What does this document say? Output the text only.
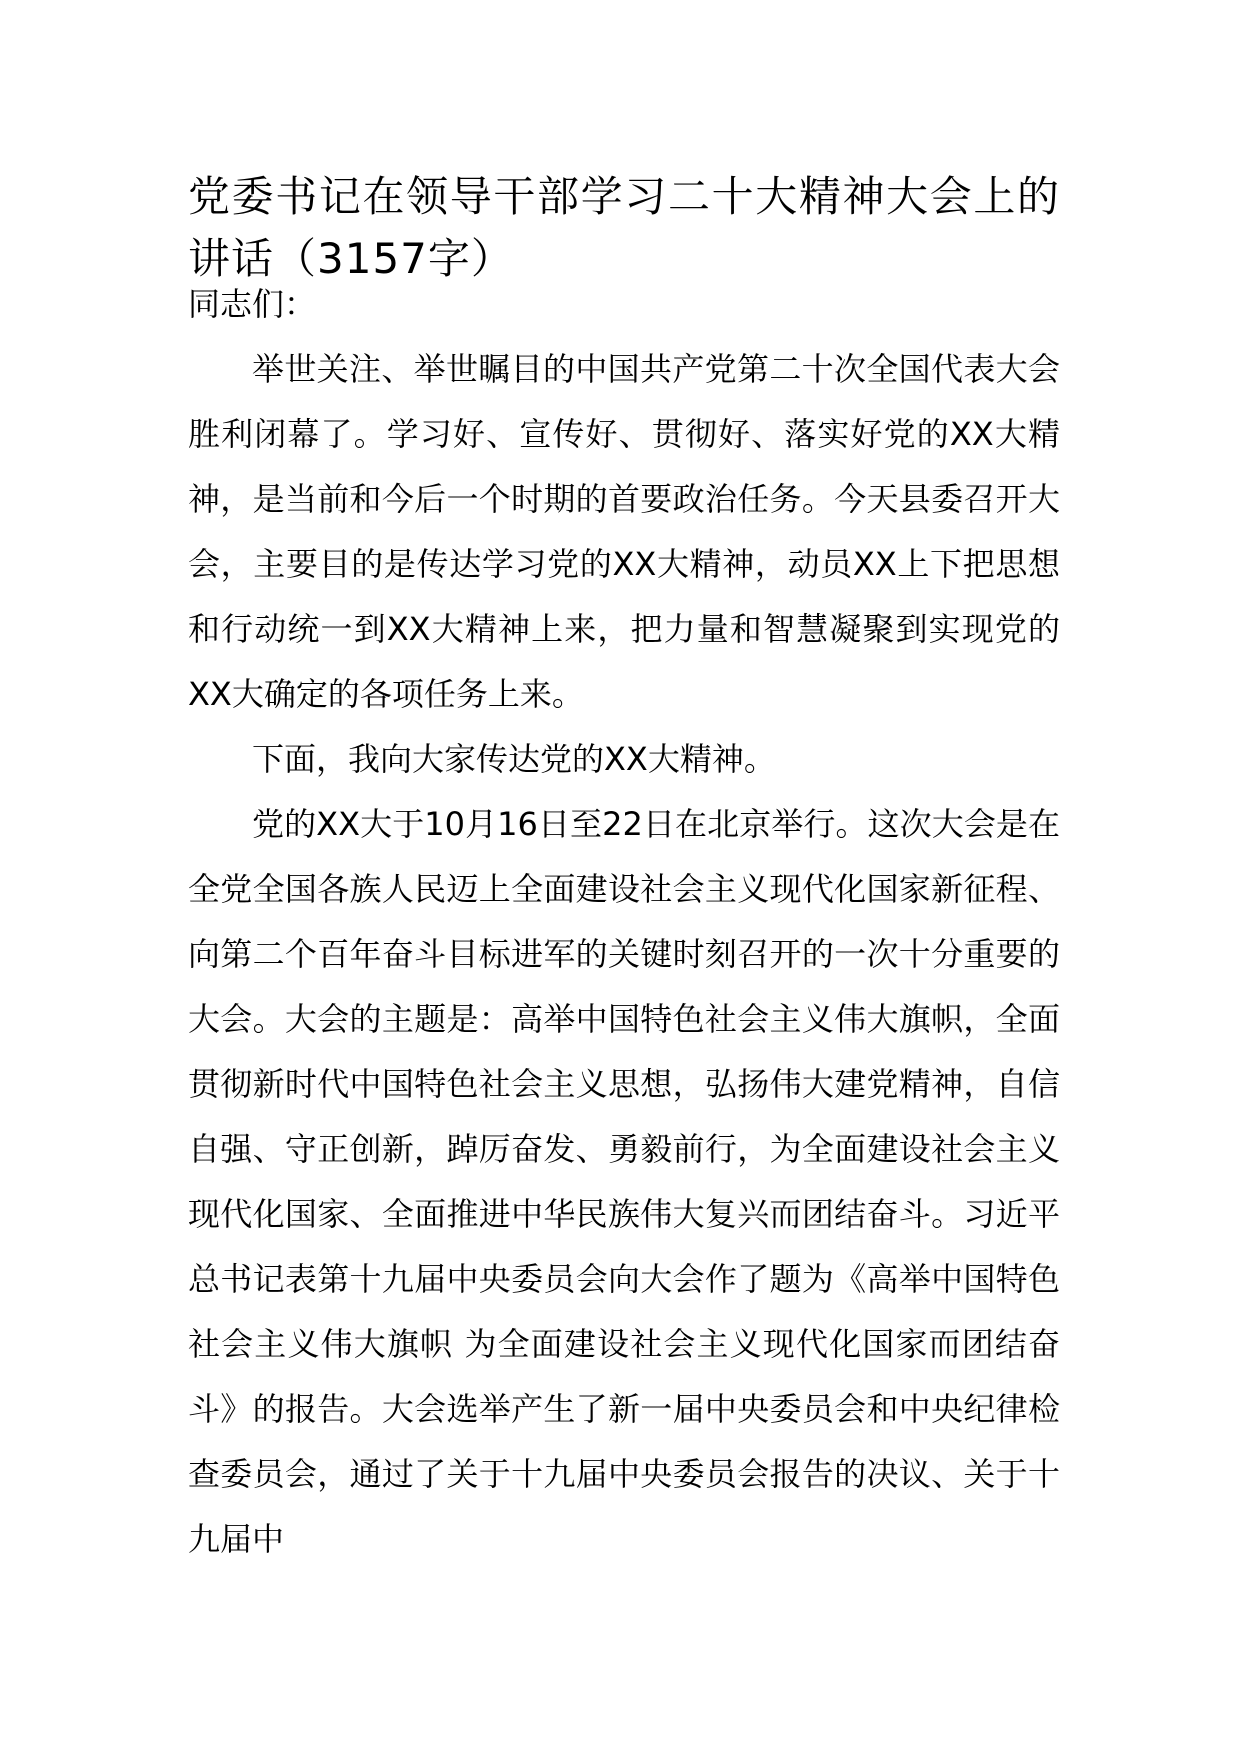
党委书记在领导干部学习二十大精神大会上的讲话（3157字）

同志们：

举世关注、举世瞩目的中国共产党第二十次全国代表大会胜利闭幕了。学习好、宣传好、贯彻好、落实好党的XX大精神，是当前和今后一个时期的首要政治任务。今天县委召开大会，主要目的是传达学习党的XX大精神，动员XX上下把思想和行动统一到XX大精神上来，把力量和智慧凝聚到实现党的XX大确定的各项任务上来。

下面，我向大家传达党的XX大精神。

党的XX大于10月16日至22日在北京举行。这次大会是在全党全国各族人民迈上全面建设社会主义现代化国家新征程、向第二个百年奋斗目标进军的关键时刻召开的一次十分重要的大会。大会的主题是：高举中国特色社会主义伟大旗帜，全面贯彻新时代中国特色社会主义思想，弘扬伟大建党精神，自信自强、守正创新，踔厉奋发、勇毅前行，为全面建设社会主义现代化国家、全面推进中华民族伟大复兴而团结奋斗。习近平总书记表第十九届中央委员会向大会作了题为《高举中国特色社会主义伟大旗帜 为全面建设社会主义现代化国家而团结奋斗》的报告。大会选举产生了新一届中央委员会和中央纪律检查委员会，通过了关于十九届中央委员会报告的决议、关于十九届中
